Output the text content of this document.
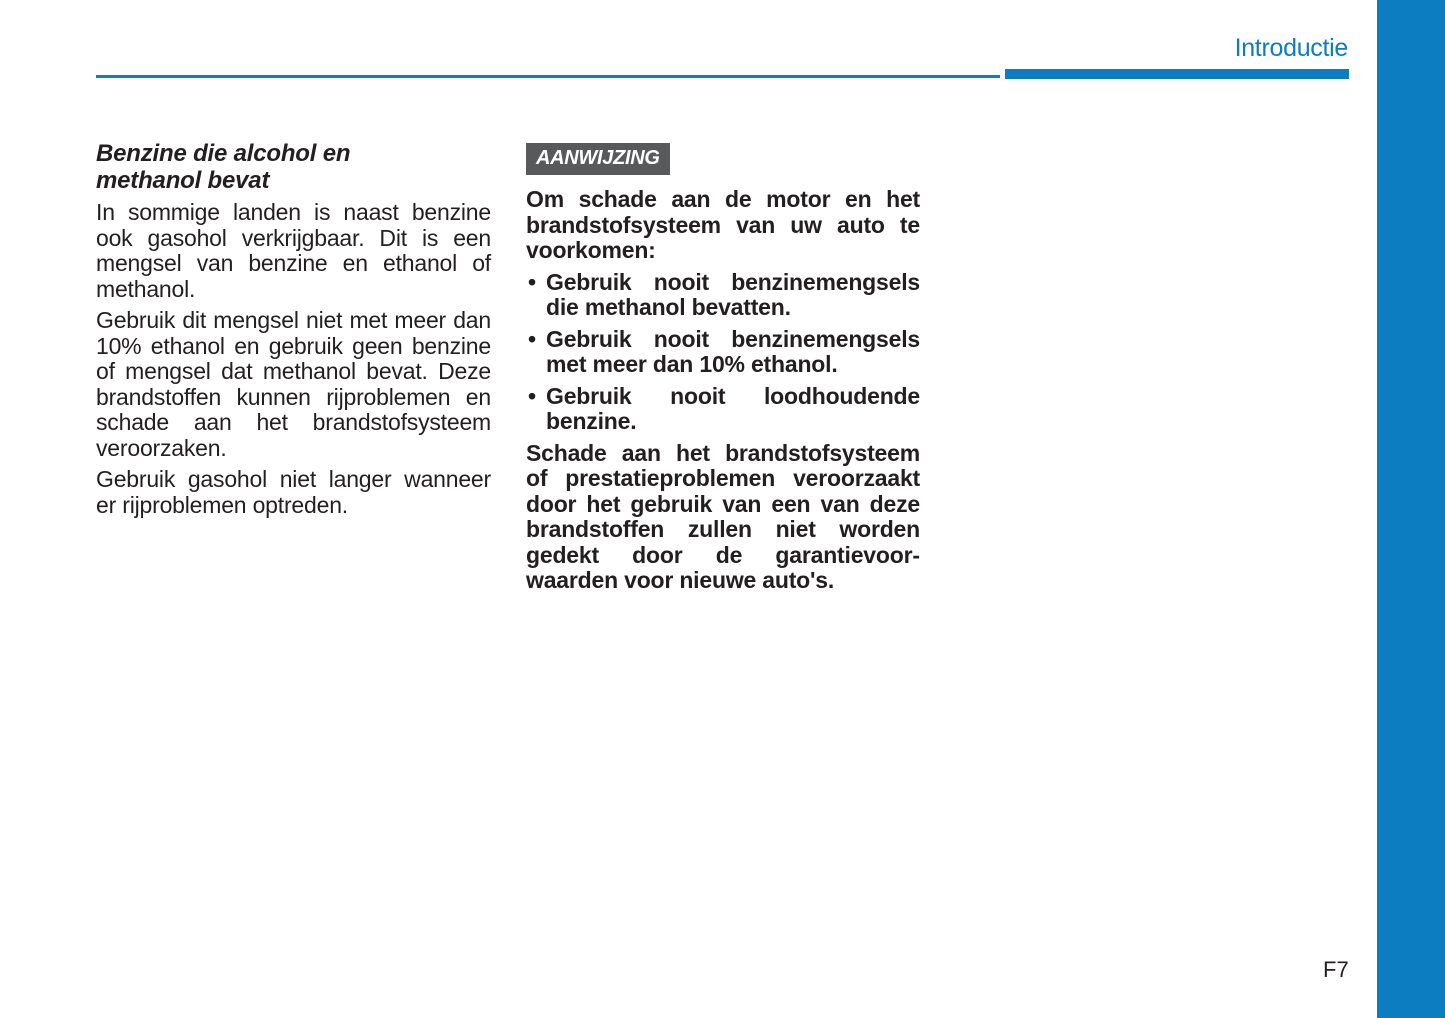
Introductie
Benzine die alcohol en
methanol bevat

In sommige landen is naast benzine ook gasohol verkrijgbaar. Dit is een mengsel van benzine en ethanol of methanol.

Gebruik dit mengsel niet met meer dan 10% ethanol en gebruik geen benzine of mengsel dat methanol bevat. Deze brandstoffen kunnen rijproblemen en schade aan het brandstofsysteem veroorzaken.

Gebruik gasohol niet langer wanneer er rijproblemen optreden.

AANWIJZING

Om schade aan de motor en het brandstofsysteem van uw auto te voorkomen:

• Gebruik nooit benzinemengsels die methanol bevatten.
• Gebruik nooit benzinemengsels met meer dan 10% ethanol.
• Gebruik nooit loodhoudende benzine.

Schade aan het brandstofsysteem of prestatieproblemen veroorzaakt door het gebruik van een van deze brandstoffen zullen niet worden gedekt door de garantievoorwaarden voor nieuwe auto's.

F7
